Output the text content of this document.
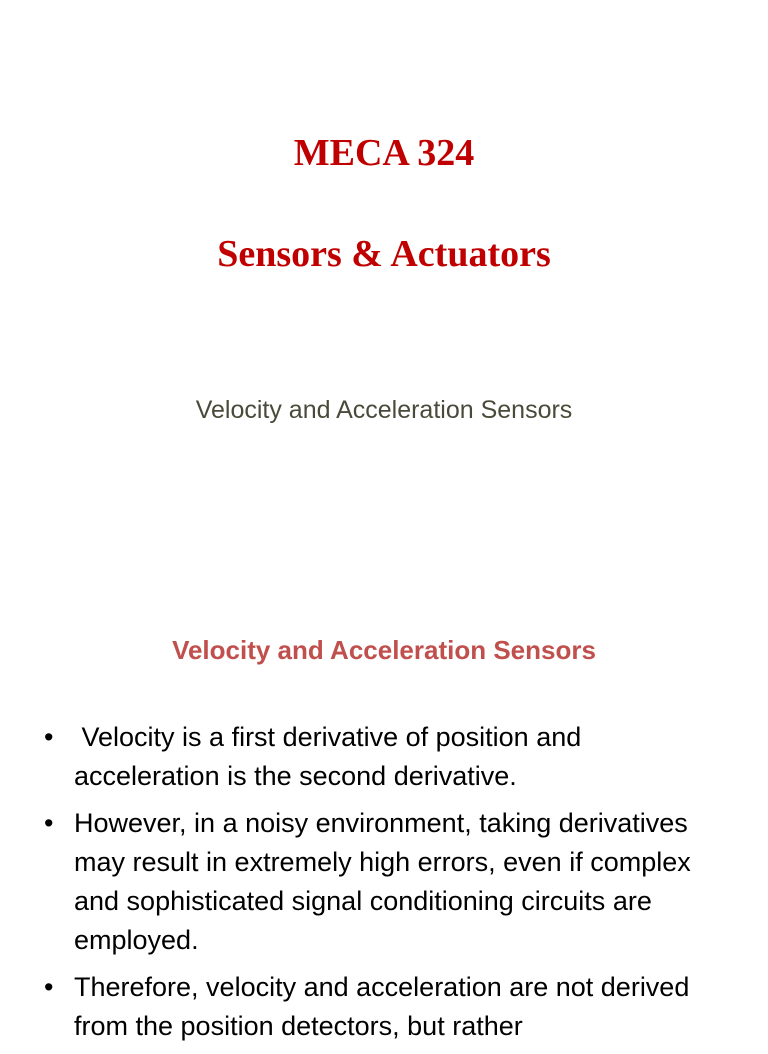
MECA 324
Sensors & Actuators
Velocity and Acceleration Sensors
Velocity and Acceleration Sensors
• Velocity is a first derivative of position and acceleration is the second derivative.
• However, in a noisy environment, taking derivatives may result in extremely high errors, even if complex and sophisticated signal conditioning circuits are employed.
• Therefore, velocity and acceleration are not derived from the position detectors, but rather
